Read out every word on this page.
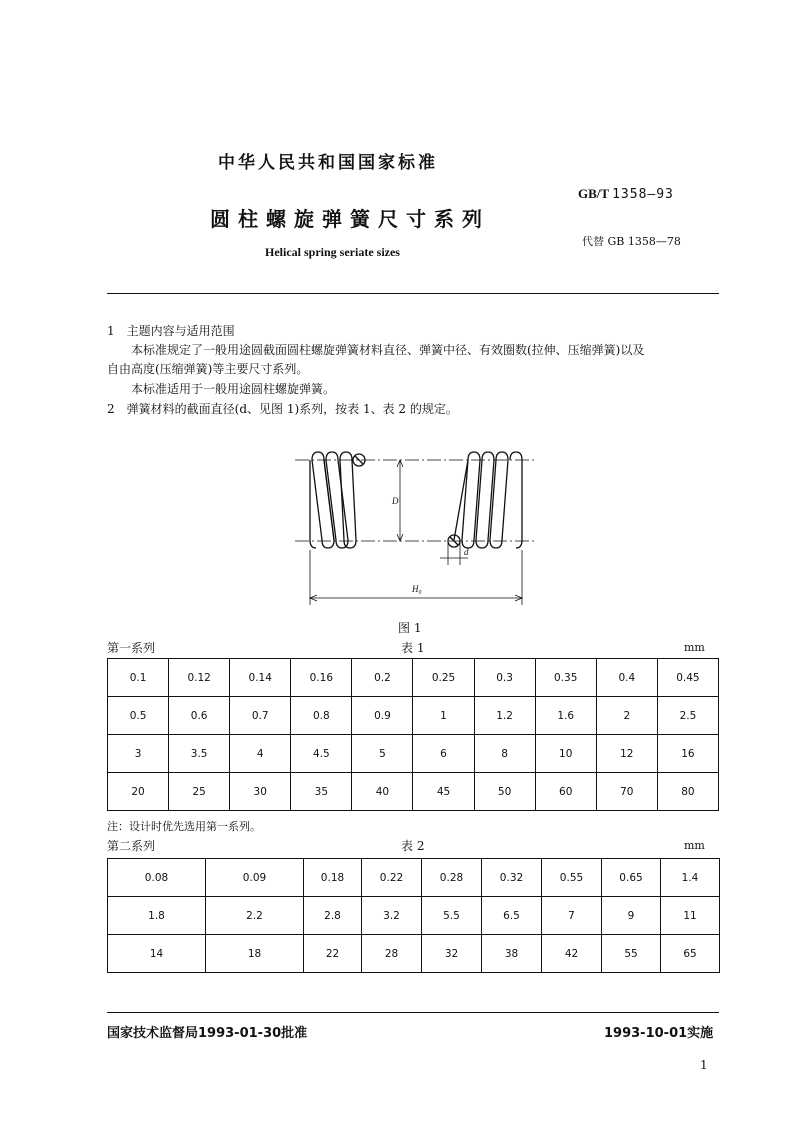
中华人民共和国国家标准
GB/T 1358—93
圆柱螺旋弹簧尺寸系列
代替 GB 1358—78
Helical spring seriate sizes
1　主题内容与适用范围
本标准规定了一般用途圆截面圆柱螺旋弹簧材料直径、弹簧中径、有效圈数(拉伸、压缩弹簧)以及
自由高度(压缩弹簧)等主要尺寸系列。
本标准适用于一般用途圆柱螺旋弹簧。
2　弹簧材料的截面直径(d、见图 1)系列，按表 1、表 2 的规定。
D
d
H₀
图 1
第一系列	表 1	mm
0.1	0.12	0.14	0.16	0.2	0.25	0.3	0.35	0.4	0.45
0.5	0.6	0.7	0.8	0.9	1	1.2	1.6	2	2.5
3	3.5	4	4.5	5	6	8	10	12	16
20	25	30	35	40	45	50	60	70	80
注：设计时优先选用第一系列。
第二系列	表 2	mm
0.08	0.09	0.18	0.22	0.28	0.32	0.55	0.65	1.4
1.8	2.2	2.8	3.2	5.5	6.5	7	9	11
14	18	22	28	32	38	42	55	65
国家技术监督局1993-01-30批准	1993-10-01实施
1
